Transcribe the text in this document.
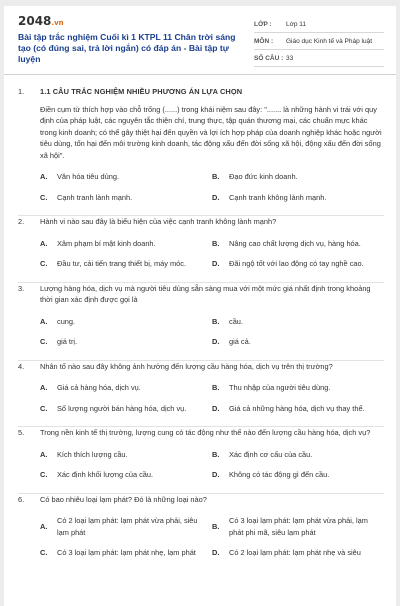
2048.vn
Bài tập trắc nghiệm Cuối kì 1 KTPL 11 Chân trời sáng tạo (có đúng sai, trả lời ngắn) có đáp án - Bài tập tự luyện
LỚP :	Lớp 11
MÔN :	Giáo dục Kinh tế và Pháp luật
SỐ CÂU : 33
1.	1.1 CÂU TRẮC NGHIỆM NHIỀU PHƯƠNG ÁN LỰA CHỌN
Điền cụm từ thích hợp vào chỗ trống (......) trong khái niệm sau đây: "....... là những hành vi trái với quy định của pháp luật, các nguyên tắc thiện chí, trung thực, tập quán thương mại, các chuẩn mực khác trong kinh doanh; có thể gây thiệt hại đến quyền và lợi ích hợp pháp của doanh nghiệp khác hoặc người tiêu dùng, tổn hại đến môi trường kinh doanh, tác động xấu đến đời sống xã hội, động xấu đến đời sống xã hội".
A.	Văn hóa tiêu dùng.	B.	Đạo đức kinh doanh.
C.	Cạnh tranh lành mạnh.	D.	Cạnh tranh không lành mạnh.
2.	Hành vi nào sau đây là biểu hiện của việc cạnh tranh không lành mạnh?
A.	Xâm phạm bí mật kinh doanh.	B.	Nâng cao chất lượng dịch vụ, hàng hóa.
C.	Đầu tư, cải tiến trang thiết bị, máy móc.	D.	Đãi ngộ tốt với lao động có tay nghề cao.
3.	Lượng hàng hóa, dịch vụ mà người tiêu dùng sẵn sàng mua với một mức giá nhất định trong khoảng thời gian xác định được gọi là
A.	cung.	B.	cầu.
C.	giá trị.	D.	giá cả.
4.	Nhân tố nào sau đây không ảnh hưởng đến lượng cầu hàng hóa, dịch vụ trên thị trường?
A.	Giá cả hàng hóa, dịch vụ.	B.	Thu nhập của người tiêu dùng.
C.	Số lượng người bán hàng hóa, dịch vụ.	D.	Giá cả những hàng hóa, dịch vụ thay thế.
5.	Trong nền kinh tế thị trường, lượng cung có tác động như thế nào đến lượng cầu hàng hóa, dịch vụ?
A.	Kích thích lượng cầu.	B.	Xác định cơ cấu của cầu.
C.	Xác định khối lượng của cầu.	D.	Không có tác động gì đến cầu.
6.	Có bao nhiêu loại lạm phát? Đó là những loại nào?
A.
Có 2 loại lạm phát: lạm phát vừa phải, siêu lạm phát
B.
Có 3 loại lạm phát: lạm phát vừa phải, lạm phát phi mã, siêu lạm phát
C.	Có 3 loại lạm phát: lạm phát nhẹ, lạm phát	D.	Có 2 loại lạm phát: lạm phát nhẹ và siêu
